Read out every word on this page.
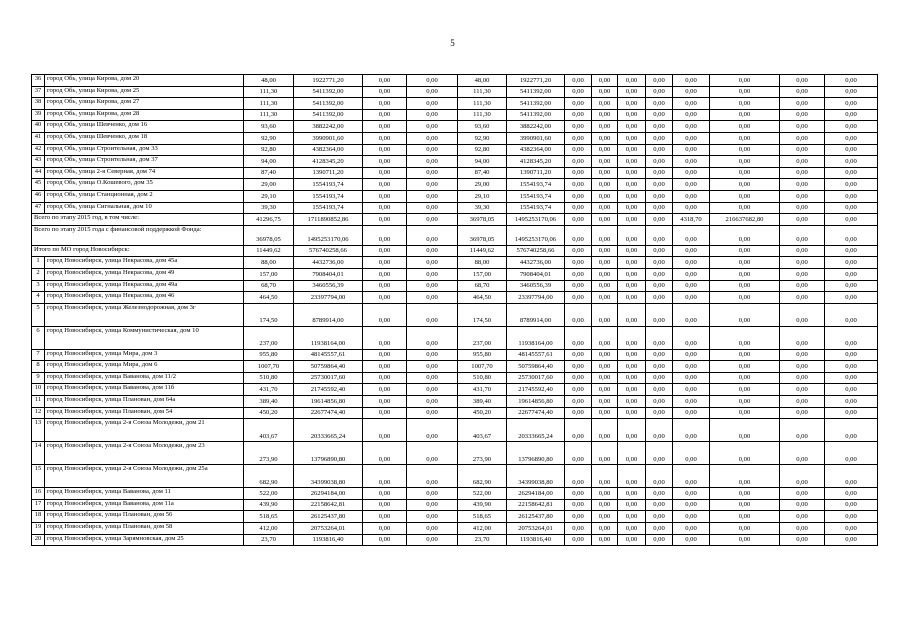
5
36	город Обь, улица Кирова, дом 20	48,00	1922771,20	0,00	0,00	48,00	1922771,20	0,00	0,00	0,00	0,00	0,00	0,00	0,00	0,00
37	город Обь, улица Кирова, дом 25	111,30	5411392,00	0,00	0,00	111,30	5411392,00	0,00	0,00	0,00	0,00	0,00	0,00	0,00	0,00
38	город Обь, улица Кирова, дом 27	111,30	5411392,00	0,00	0,00	111,30	5411392,00	0,00	0,00	0,00	0,00	0,00	0,00	0,00	0,00
39	город Обь, улица Кирова, дом 28	111,30	5411392,00	0,00	0,00	111,30	5411392,00	0,00	0,00	0,00	0,00	0,00	0,00	0,00	0,00
40	город Обь, улица Шевченко, дом 16	93,60	3882242,00	0,00	0,00	93,60	3882242,00	0,00	0,00	0,00	0,00	0,00	0,00	0,00	0,00
41	город Обь, улица Шевченко, дом 18	92,90	3990901,60	0,00	0,00	92,90	3990901,60	0,00	0,00	0,00	0,00	0,00	0,00	0,00	0,00
42	город Обь, улица Строительная, дом 33	92,80	4382364,00	0,00	0,00	92,80	4382364,00	0,00	0,00	0,00	0,00	0,00	0,00	0,00	0,00
43	город Обь, улица Строительная, дом 37	94,00	4128345,20	0,00	0,00	94,00	4128345,20	0,00	0,00	0,00	0,00	0,00	0,00	0,00	0,00
44	город Обь, улица 2-я Северная, дом 74	87,40	1390711,20	0,00	0,00	87,40	1390711,20	0,00	0,00	0,00	0,00	0,00	0,00	0,00	0,00
45	город Обь, улица О.Кошевого, дом 35	29,00	1554193,74	0,00	0,00	29,00	1554193,74	0,00	0,00	0,00	0,00	0,00	0,00	0,00	0,00
46	город Обь, улица Станционная, дом 2	29,10	1554193,74	0,00	0,00	29,10	1554193,74	0,00	0,00	0,00	0,00	0,00	0,00	0,00	0,00
47	город Обь, улица Сигнальная, дом 10	39,30	1554193,74	0,00	0,00	39,30	1554193,74	0,00	0,00	0,00	0,00	0,00	0,00	0,00	0,00
Всего по этапу 2015 год, в том числе:		41296,75	1711890852,86	0,00	0,00	36978,05	1495253170,06	0,00	0,00	0,00	0,00	4318,70	216637682,80	0,00	0,00
Всего по этапу 2015 года с финансовой поддержкой Фонда:		36978,05	1495253170,06	0,00	0,00	36978,05	1495253170,06	0,00	0,00	0,00	0,00	0,00	0,00	0,00	0,00
Итого по МО город Новосибирск:		11449,62	576740258,66	0,00	0,00	11449,62	576740258,66	0,00	0,00	0,00	0,00	0,00	0,00	0,00	0,00
1	город Новосибирск, улица Некрасова, дом 45а	88,00	4432736,00	0,00	0,00	88,00	4432736,00	0,00	0,00	0,00	0,00	0,00	0,00	0,00	0,00
2	город Новосибирск, улица Некрасова, дом 49	157,00	7908404,01	0,00	0,00	157,00	7908404,01	0,00	0,00	0,00	0,00	0,00	0,00	0,00	0,00
3	город Новосибирск, улица Некрасова, дом 49а	68,70	3460556,39	0,00	0,00	68,70	3460556,39	0,00	0,00	0,00	0,00	0,00	0,00	0,00	0,00
4	город Новосибирск, улица Некрасова, дом 46	464,50	23397794,00	0,00	0,00	464,50	23397794,00	0,00	0,00	0,00	0,00	0,00	0,00	0,00	0,00
5	город Новосибирск, улица Железнодорожная, дом 3г	174,50	8789914,00	0,00	0,00	174,50	8789914,00	0,00	0,00	0,00	0,00	0,00	0,00	0,00	0,00
6	город Новосибирск, улица Коммунистическая, дом 10	237,00	11938164,00	0,00	0,00	237,00	11938164,00	0,00	0,00	0,00	0,00	0,00	0,00	0,00	0,00
7	город Новосибирск, улица Мира, дом 3	955,80	48145557,61	0,00	0,00	955,80	48145557,61	0,00	0,00	0,00	0,00	0,00	0,00	0,00	0,00
8	город Новосибирск, улица Мира, дом 6	1007,70	50759864,40	0,00	0,00	1007,70	50759864,40	0,00	0,00	0,00	0,00	0,00	0,00	0,00	0,00
9	город Новосибирск, улица Ваванова, дом 11/2	510,80	25730017,60	0,00	0,00	510,80	25730017,60	0,00	0,00	0,00	0,00	0,00	0,00	0,00	0,00
10	город Новосибирск, улица Ваванова, дом 11б	431,70	21745592,40	0,00	0,00	431,70	21745592,40	0,00	0,00	0,00	0,00	0,00	0,00	0,00	0,00
11	город Новосибирск, улица Планован, дом 64а	389,40	19614856,80	0,00	0,00	389,40	19614856,80	0,00	0,00	0,00	0,00	0,00	0,00	0,00	0,00
12	город Новосибирск, улица Планован, дом 54	450,20	22677474,40	0,00	0,00	450,20	22677474,40	0,00	0,00	0,00	0,00	0,00	0,00	0,00	0,00
13	город Новосибирск, улица 2-я Союза Молодежи, дом 21	403,67	20333665,24	0,00	0,00	403,67	20333665,24	0,00	0,00	0,00	0,00	0,00	0,00	0,00	0,00
14	город Новосибирск, улица 2-я Союза Молодежи, дом 23	273,90	13796890,80	0,00	0,00	273,90	13796890,80	0,00	0,00	0,00	0,00	0,00	0,00	0,00	0,00
15	город Новосибирск, улица 2-я Союза Молодежи, дом 25а	682,90	34399038,80	0,00	0,00	682,90	34399038,80	0,00	0,00	0,00	0,00	0,00	0,00	0,00	0,00
16	город Новосибирск, улица Ваванова, дом 11	522,00	26294184,00	0,00	0,00	522,00	26294184,00	0,00	0,00	0,00	0,00	0,00	0,00	0,00	0,00
17	город Новосибирск, улица Ваванова, дом 11а	439,90	22158642,81	0,00	0,00	439,90	22158642,81	0,00	0,00	0,00	0,00	0,00	0,00	0,00	0,00
18	город Новосибирск, улица Планован, дом 56	518,65	26125437,80	0,00	0,00	518,65	26125437,80	0,00	0,00	0,00	0,00	0,00	0,00	0,00	0,00
19	город Новосибирск, улица Планован, дом 58	412,00	20753264,01	0,00	0,00	412,00	20753264,01	0,00	0,00	0,00	0,00	0,00	0,00	0,00	0,00
20	город Новосибирск, улица Зарямновская, дом 25	23,70	1193816,40	0,00	0,00	23,70	1193816,40	0,00	0,00	0,00	0,00	0,00	0,00	0,00	0,00
